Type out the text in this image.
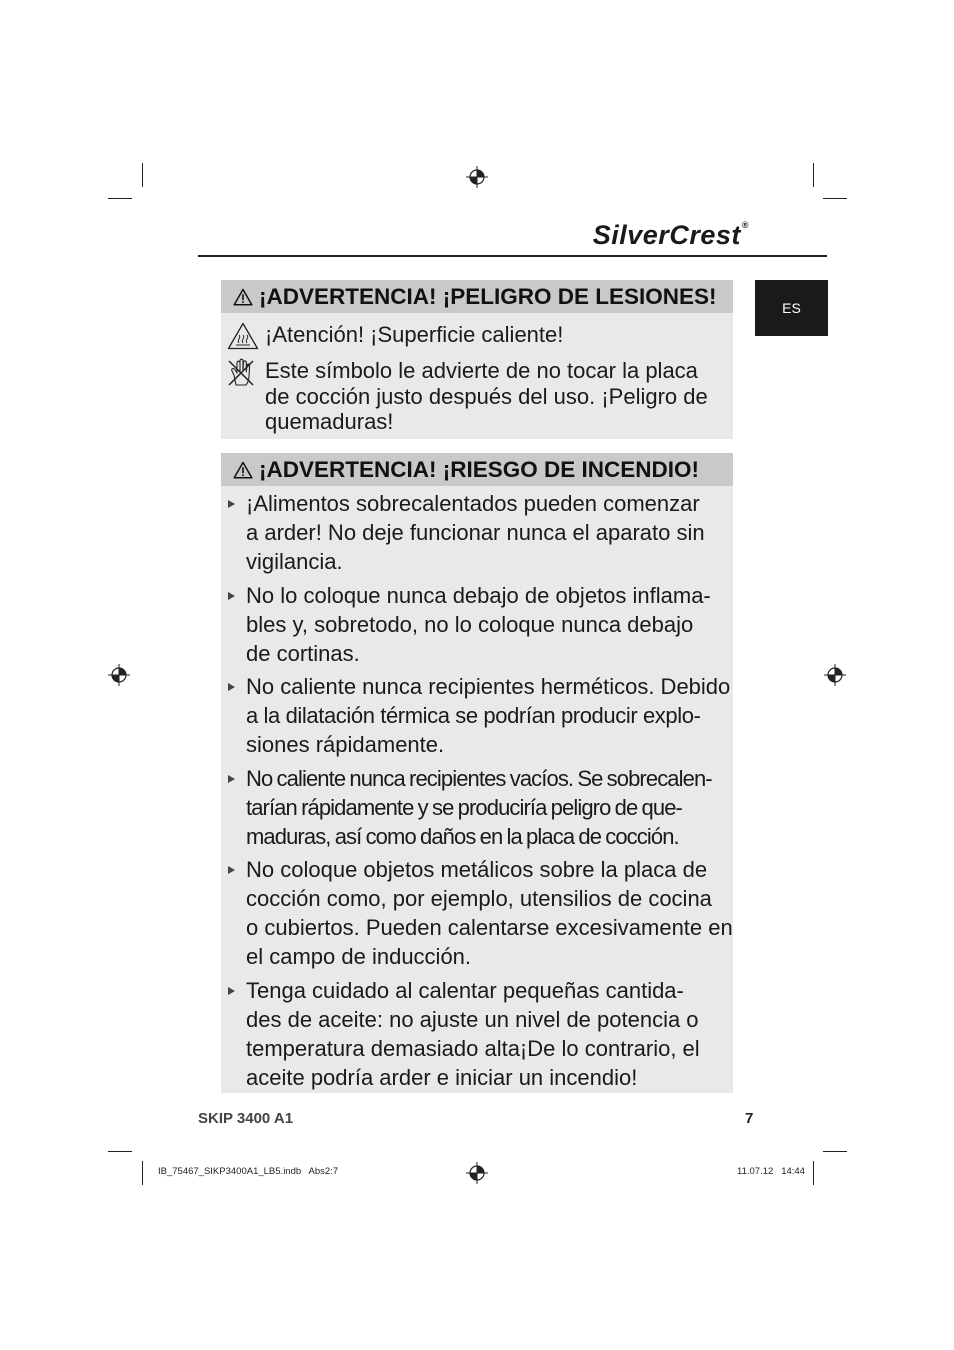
SilverCrest®
ES
¡ADVERTENCIA! ¡PELIGRO DE LESIONES!
¡Atención! ¡Superficie caliente!
Este símbolo le advierte de no tocar la placa
de cocción justo después del uso. ¡Peligro de
quemaduras!
¡ADVERTENCIA! ¡RIESGO DE INCENDIO!
¡Alimentos sobrecalentados pueden comenzar
a arder! No deje funcionar nunca el aparato sin
vigilancia.
No lo coloque nunca debajo de objetos inflama-
bles y, sobretodo, no lo coloque nunca debajo
de cortinas.
No caliente nunca recipientes herméticos. Debido
a la dilatación térmica se podrían producir explo-
siones rápidamente.
No caliente nunca recipientes vacíos. Se sobrecalen-
tarían rápidamente y se produciría peligro de que-
maduras, así como daños en la placa de cocción.
No coloque objetos metálicos sobre la placa de
cocción como, por ejemplo, utensilios de cocina
o cubiertos. Pueden calentarse excesivamente en
el campo de inducción.
Tenga cuidado al calentar pequeñas cantida-
des de aceite: no ajuste un nivel de potencia o
temperatura demasiado alta¡De lo contrario, el
aceite podría arder e iniciar un incendio!
SKIP 3400 A1	7
IB_75467_SIKP3400A1_LB5.indb   Abs2:7	11.07.12   14:44
